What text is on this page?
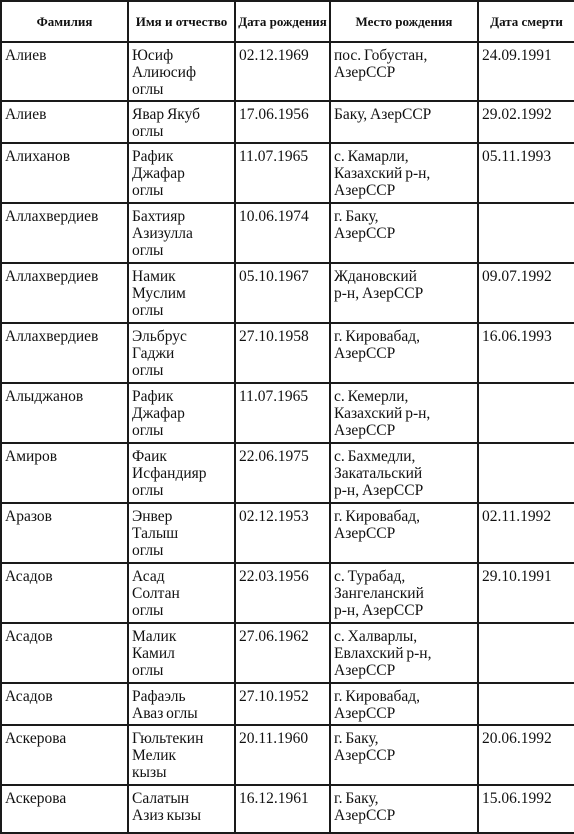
Фамилия	Имя и отчество	Дата рождения	Место рождения	Дата смерти
Алиев	Юсиф
Алиюсиф
оглы	02.12.1969	пос. Гобустан,
АзерССР	24.09.1991
Алиев	Явар Якуб
оглы	17.06.1956	Баку, АзерССР	29.02.1992
Алиханов	Рафик
Джафар
оглы	11.07.1965	с. Камарли,
Казахский р-н,
АзерССР	05.11.1993
Аллахвердиев	Бахтияр
Азизулла
оглы	10.06.1974	г. Баку,
АзерССР	
Аллахвердиев	Намик
Муслим
оглы	05.10.1967	Ждановский
р-н, АзерССР	09.07.1992
Аллахвердиев	Эльбрус
Гаджи
оглы	27.10.1958	г. Кировабад,
АзерССР	16.06.1993
Алыджанов	Рафик
Джафар
оглы	11.07.1965	с. Кемерли,
Казахский р-н,
АзерССР	
Амиров	Фаик
Исфандияр
оглы	22.06.1975	с. Бахмедли,
Закатальский
р-н, АзерССР	
Аразов	Энвер
Талыш
оглы	02.12.1953	г. Кировабад,
АзерССР	02.11.1992
Асадов	Асад
Солтан
оглы	22.03.1956	с. Турабад,
Зангеланский
р-н, АзерССР	29.10.1991
Асадов	Малик
Камил
оглы	27.06.1962	с. Халварлы,
Евлахский р-н,
АзерССР	
Асадов	Рафаэль
Аваз оглы	27.10.1952	г. Кировабад,
АзерССР	
Аскерова	Гюльтекин
Мелик
кызы	20.11.1960	г. Баку,
АзерССР	20.06.1992
Аскерова	Салатын
Азиз кызы	16.12.1961	г. Баку,
АзерССР	15.06.1992
